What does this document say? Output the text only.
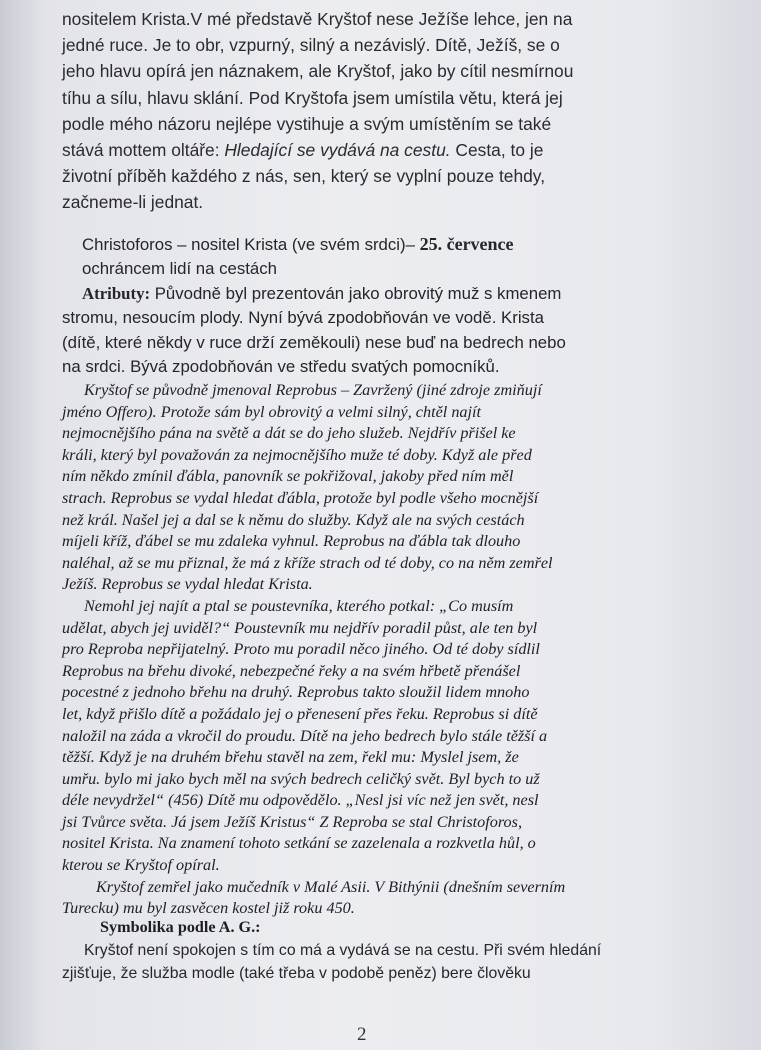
nositelem Krista.V mé představě Kryštof nese Ježíše lehce, jen na
jedné ruce. Je to obr, vzpurný, silný a nezávislý. Dítě, Ježíš, se o
jeho hlavu opírá jen náznakem, ale Kryštof, jako by cítil nesmírnou
tíhu a sílu, hlavu sklání. Pod Kryštofa jsem umístila větu, která jej
podle mého názoru nejlépe vystihuje a svým umístěním se také
stává mottem oltáře: Hledající se vydává na cestu. Cesta, to je
životní příběh každého z nás, sen, který se vyplní pouze tehdy,
začneme-li jednat.

Christoforos – nositel Krista (ve svém srdci)– 25. července

ochráncem lidí na cestách

Atributy: Původně byl prezentován jako obrovitý muž s kmenem

stromu, nesoucím plody. Nyní bývá zpodobňován ve vodě. Krista
(dítě, které někdy v ruce drží zeměkouli) nese buď na bedrech nebo
na srdci. Bývá zpodobňován ve středu svatých pomocníků.
Kryštof se původně jmenoval Reprobus – Zavržený (jiné zdroje zmiňují
jméno Offero). Protože sám byl obrovitý a velmi silný, chtěl najít
nejmocnějšího pána na světě a dát se do jeho služeb. Nejdřív přišel ke
králi, který byl považován za nejmocnějšího muže té doby. Když ale před
ním někdo zmínil ďábla, panovník se pokřižoval, jakoby před ním měl
strach. Reprobus se vydal hledat ďábla, protože byl podle všeho mocnější
než král. Našel jej a dal se k němu do služby. Když ale na svých cestách
míjeli kříž, ďábel se mu zdaleka vyhnul. Reprobus na ďábla tak dlouho
naléhal, až se mu přiznal, že má z kříže strach od té doby, co na něm zemřel
Ježíš. Reprobus se vydal hledat Krista.
Nemohl jej najít a ptal se poustevníka, kterého potkal: „Co musím
udělat, abych jej uviděl?“ Poustevník mu nejdřív poradil půst, ale ten byl
pro Reproba nepřijatelný. Proto mu poradil něco jiného. Od té doby sídlil
Reprobus na břehu divoké, nebezpečné řeky a na svém hřbetě přenášel
pocestné z jednoho břehu na druhý. Reprobus takto sloužil lidem mnoho
let, když přišlo dítě a požádalo jej o přenesení přes řeku. Reprobus si dítě
naložil na záda a vkročil do proudu. Dítě na jeho bedrech bylo stále těžší a
těžší. Když je na druhém břehu stavěl na zem, řekl mu: Myslel jsem, že
umřu. bylo mi jako bych měl na svých bedrech celičký svět. Byl bych to už
déle nevydržel“ (456) Dítě mu odpovědělo. „Nesl jsi víc než jen svět, nesl
jsi Tvůrce světa. Já jsem Ježíš Kristus“ Z Reproba se stal Christoforos,
nositel Krista. Na znamení tohoto setkání se zazelenala a rozkvetla hůl, o
kterou se Kryštof opíral.
Kryštof zemřel jako mučedník v Malé Asii. V Bithýnii (dnešním severním
Turecku) mu byl zasvěcen kostel již roku 450.
Symbolika podle A. G.:
Kryštof není spokojen s tím co má a vydává se na cestu. Při svém hledání
zjišťuje, že služba modle (také třeba v podobě peněz) bere člověku
2
